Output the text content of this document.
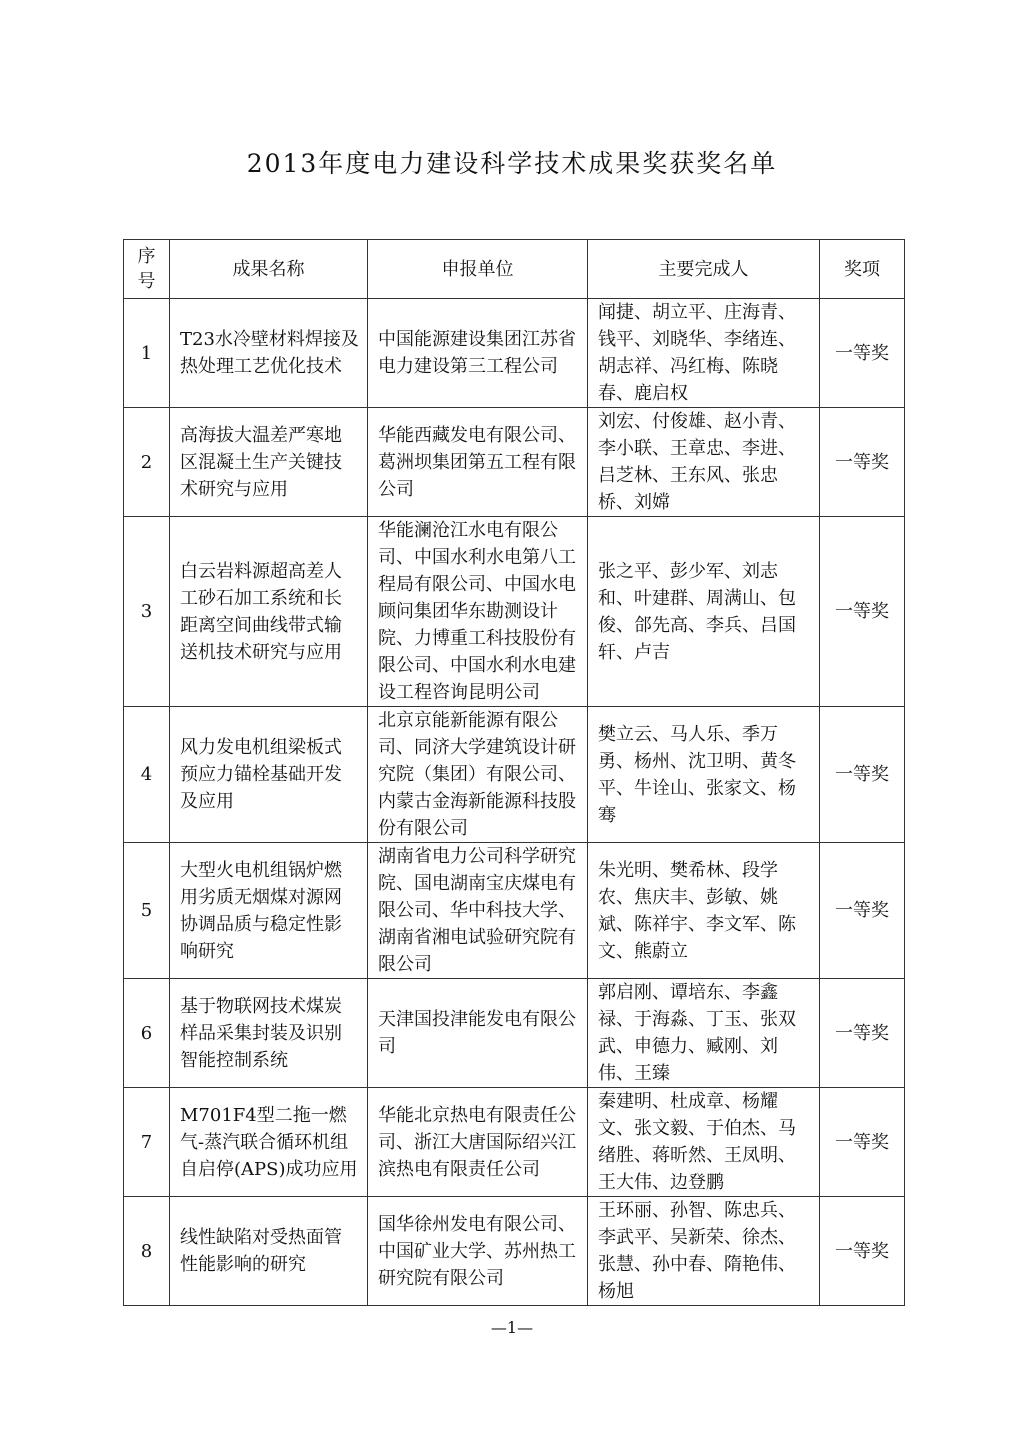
2013年度电力建设科学技术成果奖获奖名单
序号	成果名称	申报单位	主要完成人	奖项
1	T23水冷壁材料焊接及热处理工艺优化技术	中国能源建设集团江苏省电力建设第三工程公司	闻捷、胡立平、庄海青、钱平、刘晓华、李绪连、胡志祥、冯红梅、陈晓春、鹿启权	一等奖
2	高海拔大温差严寒地区混凝土生产关键技术研究与应用	华能西藏发电有限公司、葛洲坝集团第五工程有限公司	刘宏、付俊雄、赵小青、李小联、王章忠、李进、吕芝林、王东风、张忠桥、刘嫦	一等奖
3	白云岩料源超高差人工砂石加工系统和长距离空间曲线带式输送机技术研究与应用	华能澜沧江水电有限公司、中国水利水电第八工程局有限公司、中国水电顾问集团华东勘测设计院、力博重工科技股份有限公司、中国水利水电建设工程咨询昆明公司	张之平、彭少军、刘志和、叶建群、周满山、包俊、郃先高、李兵、吕国轩、卢吉	一等奖
4	风力发电机组梁板式预应力锚栓基础开发及应用	北京京能新能源有限公司、同济大学建筑设计研究院（集团）有限公司、内蒙古金海新能源科技股份有限公司	樊立云、马人乐、季万勇、杨州、沈卫明、黄冬平、牛诠山、张家文、杨骞	一等奖
5	大型火电机组锅炉燃用劣质无烟煤对源网协调品质与稳定性影响研究	湖南省电力公司科学研究院、国电湖南宝庆煤电有限公司、华中科技大学、湖南省湘电试验研究院有限公司	朱光明、樊希林、段学农、焦庆丰、彭敏、姚斌、陈祥宇、李文军、陈文、熊蔚立	一等奖
6	基于物联网技术煤炭样品采集封装及识别智能控制系统	天津国投津能发电有限公司	郭启刚、谭培东、李鑫禄、于海淼、丁玉、张双武、申德力、臧刚、刘伟、王臻	一等奖
7	M701F4型二拖一燃气-蒸汽联合循环机组自启停(APS)成功应用	华能北京热电有限责任公司、浙江大唐国际绍兴江滨热电有限责任公司	秦建明、杜成章、杨耀文、张文毅、于伯杰、马绪胜、蒋昕然、王凤明、王大伟、边登鹏	一等奖
8	线性缺陷对受热面管性能影响的研究	国华徐州发电有限公司、中国矿业大学、苏州热工研究院有限公司	王环丽、孙智、陈忠兵、李武平、吴新荣、徐杰、张慧、孙中春、隋艳伟、杨旭	一等奖
—1—
